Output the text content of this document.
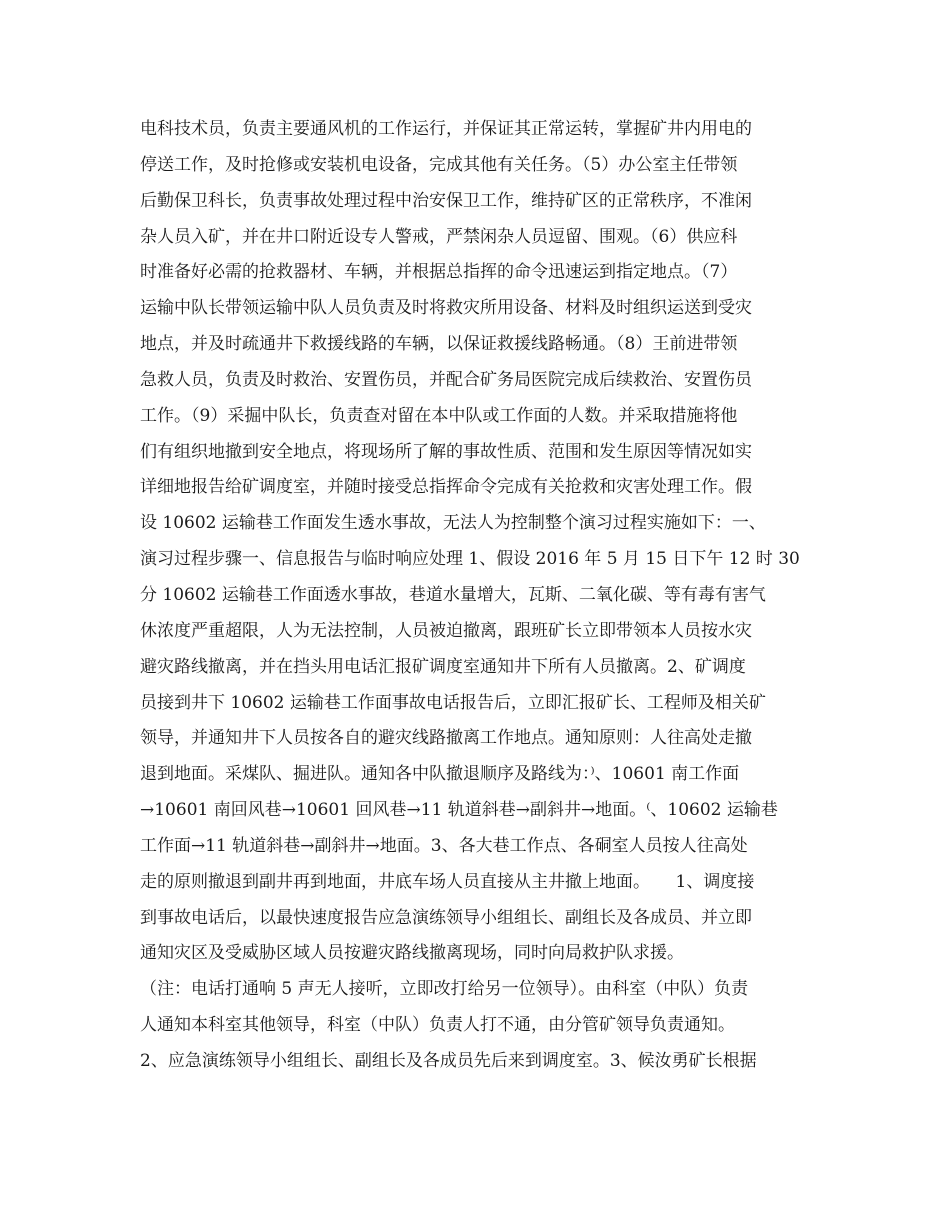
电科技术员，负责主要通风机的工作运行，并保证其正常运转，掌握矿井内用电的
停送工作，及时抢修或安装机电设备，完成其他有关任务。（5）办公室主任带领
后勤保卫科长，负责事故处理过程中治安保卫工作，维持矿区的正常秩序，不准闲
杂人员入矿，并在井口附近设专人警戒，严禁闲杂人员逗留、围观。（6）供应科
时准备好必需的抢救器材、车辆，并根据总指挥的命令迅速运到指定地点。（7）
运输中队长带领运输中队人员负责及时将救灾所用设备、材料及时组织运送到受灾
地点，并及时疏通井下救援线路的车辆，以保证救援线路畅通。（8）王前进带领
急救人员，负责及时救治、安置伤员，并配合矿务局医院完成后续救治、安置伤员
工作。（9）采掘中队长，负责查对留在本中队或工作面的人数。并采取措施将他
们有组织地撤到安全地点，将现场所了解的事故性质、范围和发生原因等情况如实
详细地报告给矿调度室，并随时接受总指挥命令完成有关抢救和灾害处理工作。假
设 10602 运输巷工作面发生透水事故，无法人为控制整个演习过程实施如下：一、
演习过程步骤一、信息报告与临时响应处理 1、假设 2016 年 5 月 15 日下午 12 时 30
分 10602 运输巷工作面透水事故，巷道水量增大，瓦斯、二氧化碳、等有毒有害气
休浓度严重超限，人为无法控制，人员被迫撤离，跟班矿长立即带领本人员按水灾
避灾路线撤离，并在挡头用电话汇报矿调度室通知井下所有人员撤离。2、矿调度
员接到井下 10602 运输巷工作面事故电话报告后，立即汇报矿长、工程师及相关矿
领导，并通知井下人员按各自的避灾线路撤离工作地点。通知原则：人往高处走撤
退到地面。采煤队、掘进队。通知各中队撤退顺序及路线为：⁾、10601 南工作面
→10601 南回风巷→10601 回风巷→11 轨道斜巷→副斜井→地面。⁽、10602 运输巷
工作面→11 轨道斜巷→副斜井→地面。3、各大巷工作点、各硐室人员按人往高处
走的原则撤退到副井再到地面，井底车场人员直接从主井撤上地面。　　1、调度接
到事故电话后，以最快速度报告应急演练领导小组组长、副组长及各成员、并立即
通知灾区及受威胁区域人员按避灾路线撤离现场，同时向局救护队求援。
（注：电话打通响 5 声无人接听，立即改打给另一位领导）。由科室（中队）负责
人通知本科室其他领导，科室（中队）负责人打不通，由分管矿领导负责通知。
2、应急演练领导小组组长、副组长及各成员先后来到调度室。3、候汝勇矿长根据
